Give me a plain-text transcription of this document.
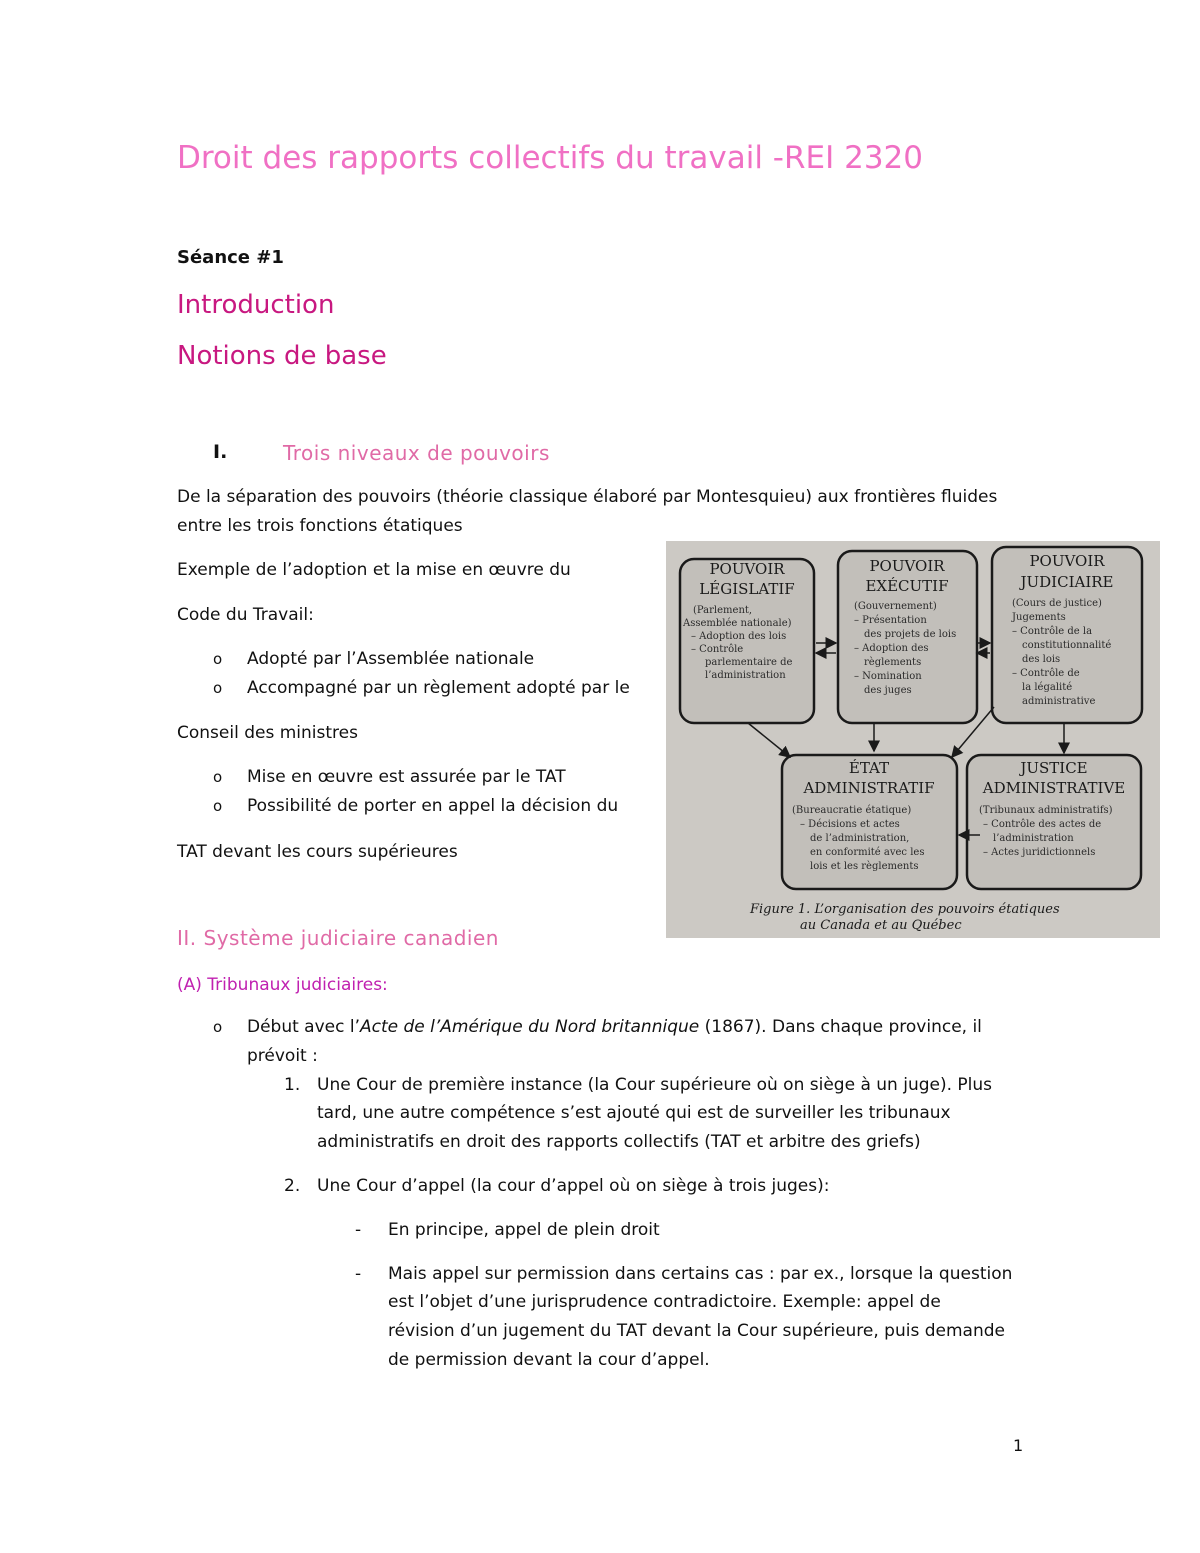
Droit des rapports collectifs du travail -REI 2320
Séance #1
Introduction
Notions de base
I.	Trois niveaux de pouvoirs
De la séparation des pouvoirs (théorie classique élaboré par Montesquieu) aux frontières fluides
entre les trois fonctions étatiques
Exemple de l’adoption et la mise en œuvre du
Code du Travail:
o Adopté par l’Assemblée nationale
o Accompagné par un règlement adopté par le
Conseil des ministres
o Mise en œuvre est assurée par le TAT
o Possibilité de porter en appel la décision du
TAT devant les cours supérieures
POUVOIR
LÉGISLATIF
(Parlement,
Assemblée nationale)
– Adoption des lois
– Contrôle
parlementaire de
l’administration
POUVOIR
EXÉCUTIF
(Gouvernement)
– Présentation
des projets de lois
– Adoption des
règlements
– Nomination
des juges
POUVOIR
JUDICIAIRE
(Cours de justice)
Jugements
– Contrôle de la
constitutionnalité
des lois
– Contrôle de
la légalité
administrative
ÉTAT
ADMINISTRATIF
(Bureaucratie étatique)
– Décisions et actes
de l’administration,
en conformité avec les
lois et les règlements
JUSTICE
ADMINISTRATIVE
(Tribunaux administratifs)
– Contrôle des actes de
l’administration
– Actes juridictionnels
Figure 1. L’organisation des pouvoirs étatiques
au Canada et au Québec
II. Système judiciaire canadien
(A) Tribunaux judiciaires:
o Début avec l’Acte de l’Amérique du Nord britannique (1867). Dans chaque province, il
prévoit :
1. Une Cour de première instance (la Cour supérieure où on siège à un juge). Plus
tard, une autre compétence s’est ajouté qui est de surveiller les tribunaux
administratifs en droit des rapports collectifs (TAT et arbitre des griefs)
2. Une Cour d’appel (la cour d’appel où on siège à trois juges):
- En principe, appel de plein droit
- Mais appel sur permission dans certains cas : par ex., lorsque la question
est l’objet d’une jurisprudence contradictoire. Exemple: appel de
révision d’un jugement du TAT devant la Cour supérieure, puis demande
de permission devant la cour d’appel.
1
